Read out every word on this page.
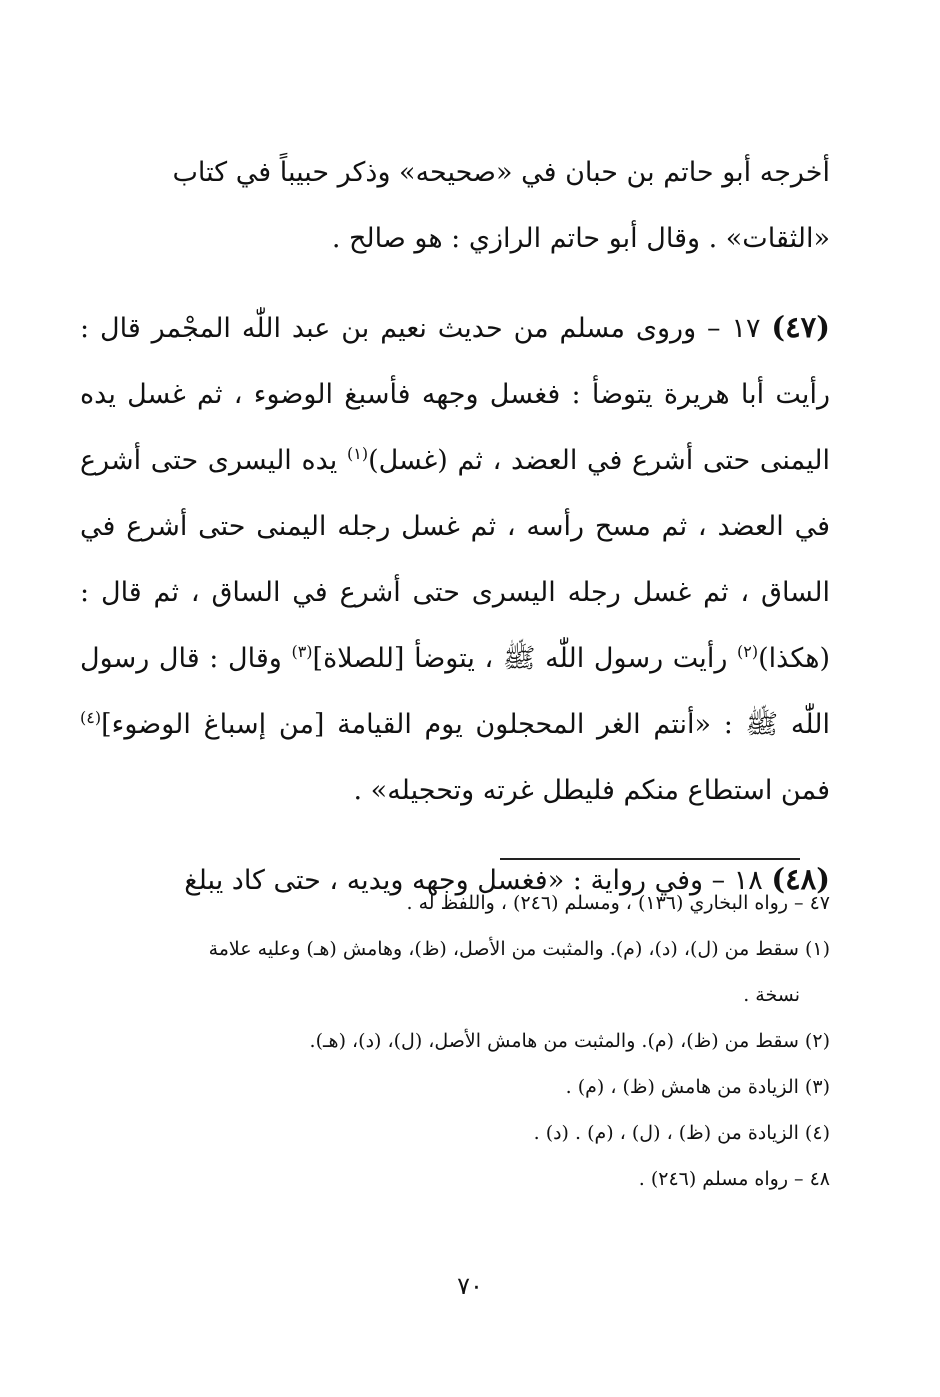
أخرجه أبو حاتم بن حبان في «صحيحه» وذكر حبيباً في كتاب
«الثقات» . وقال أبو حاتم الرازي : هو صالح .

(٤٧) ١٧ – وروى مسلم من حديث نعيم بن عبد اللّٰه المجْمر قال : رأيت أبا هريرة يتوضأ : فغسل وجهه فأسبغ الوضوء ، ثم غسل يده اليمنى حتى أشرع في العضد ، ثم (غسل)$^{(١)}$ يده اليسرى حتى أشرع في العضد ، ثم مسح رأسه ، ثم غسل رجله اليمنى حتى أشرع في الساق ، ثم غسل رجله اليسرى حتى أشرع في الساق ، ثم قال : (هكذا)$^{(٢)}$ رأيت رسول اللّٰه ﷺ ، يتوضأ [للصلاة]$^{(٣)}$ وقال : قال رسول اللّٰه ﷺ : «أنتم الغر المحجلون يوم القيامة [من إسباغ الوضوء]$^{(٤)}$ فمن استطاع منكم فليطل غرته وتحجيله» .

(٤٨) ١٨ – وفي رواية : «فغسل وجهه ويديه ، حتى كاد يبلغ

٤٧ – رواه البخاري (١٣٦) ، ومسلم (٢٤٦) ، واللفظ له .

(١) سقط من (ل)، (د)، (م). والمثبت من الأصل، (ظ)، وهامش (هـ) وعليه علامة

نسخة .

(٢) سقط من (ظ)، (م). والمثبت من هامش الأصل، (ل)، (د)، (هـ).

(٣) الزيادة من هامش (ظ) ، (م) .

(٤) الزيادة من (ظ) ، (ل) ، (م) . (د) .

٤٨ – رواه مسلم (٢٤٦) .

٧٠
